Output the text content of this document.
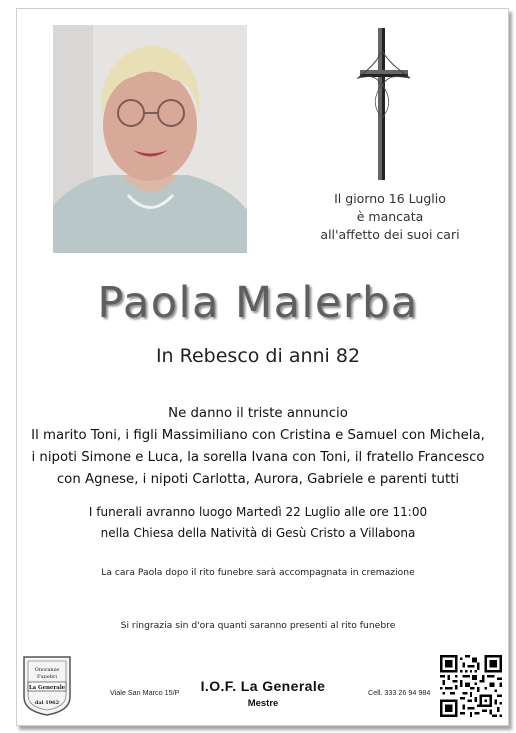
Il giorno 16 Luglio
è mancata
all'affetto dei suoi cari
Paola Malerba
In Rebesco di anni 82
Ne danno il triste annuncio
Il marito Toni, i figli Massimiliano con Cristina e Samuel con Michela,
i nipoti Simone e Luca, la sorella Ivana con Toni, il fratello Francesco
con Agnese, i nipoti Carlotta, Aurora, Gabriele e parenti tutti
I funerali avranno luogo Martedì 22 Luglio alle ore 11:00
nella Chiesa della Natività di Gesù Cristo a Villabona
La cara Paola dopo il rito funebre sarà accompagnata in cremazione
Si ringrazia sin d'ora quanti saranno presenti al rito funebre
Onoranze
Funebri
La Generale
dal 1962
Viale San Marco 15/P	I.O.F. La Generale
Mestre
Cell. 333 26 94 984
